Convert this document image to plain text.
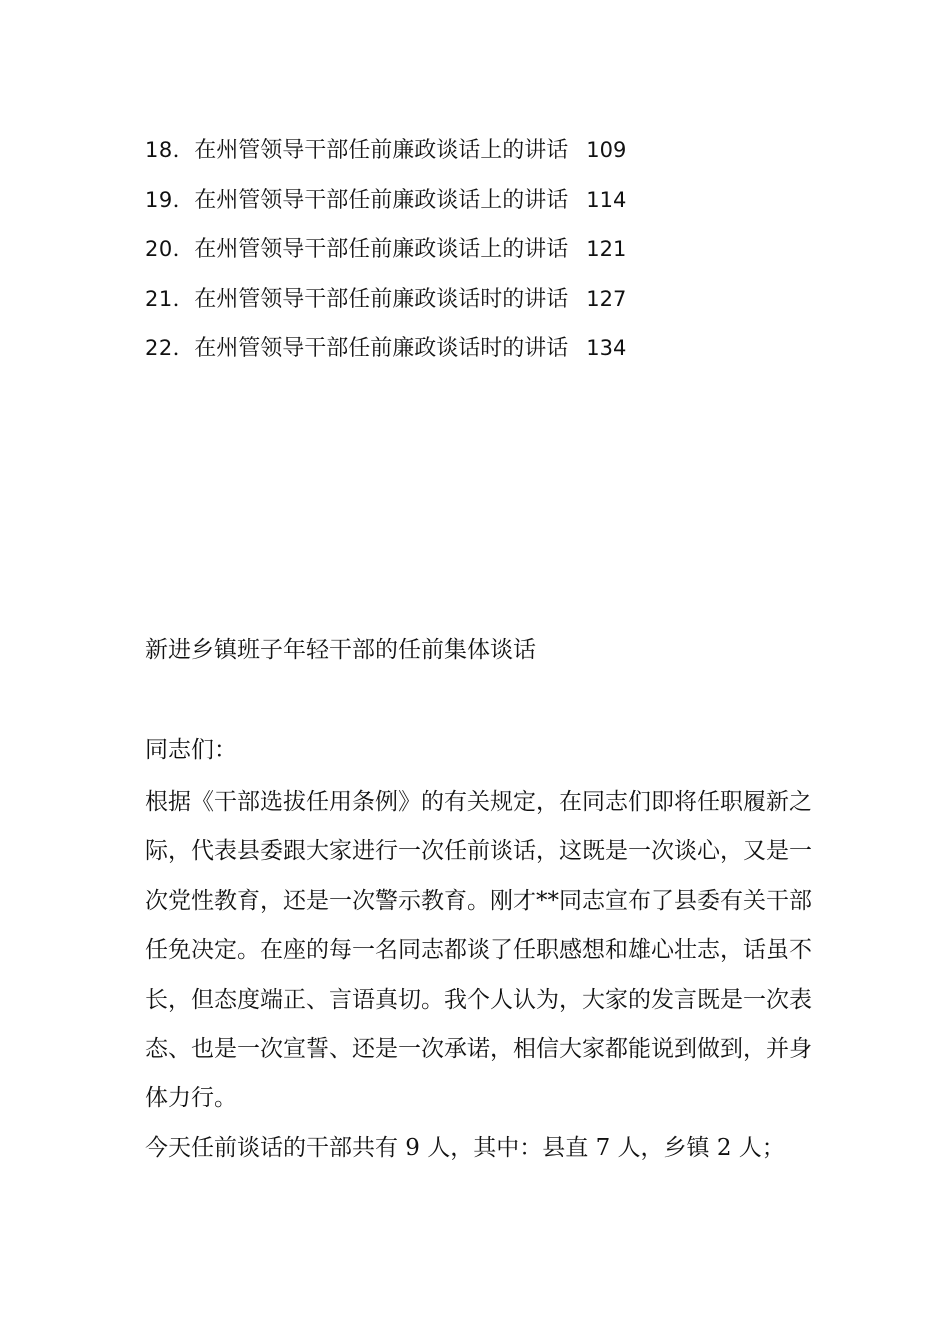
18．在州管领导干部任前廉政谈话上的讲话 109
19．在州管领导干部任前廉政谈话上的讲话 114
20．在州管领导干部任前廉政谈话上的讲话 121
21．在州管领导干部任前廉政谈话时的讲话 127
22．在州管领导干部任前廉政谈话时的讲话 134
新进乡镇班子年轻干部的任前集体谈话

同志们：

根据《干部选拔任用条例》的有关规定，在同志们即将任职履新之际，代表县委跟大家进行一次任前谈话，这既是一次谈心，又是一次党性教育，还是一次警示教育。刚才**同志宣布了县委有关干部任免决定。在座的每一名同志都谈了任职感想和雄心壮志，话虽不长，但态度端正、言语真切。我个人认为，大家的发言既是一次表态、也是一次宣誓、还是一次承诺，相信大家都能说到做到，并身体力行。

今天任前谈话的干部共有 9 人，其中：县直 7 人，乡镇 2 人；
